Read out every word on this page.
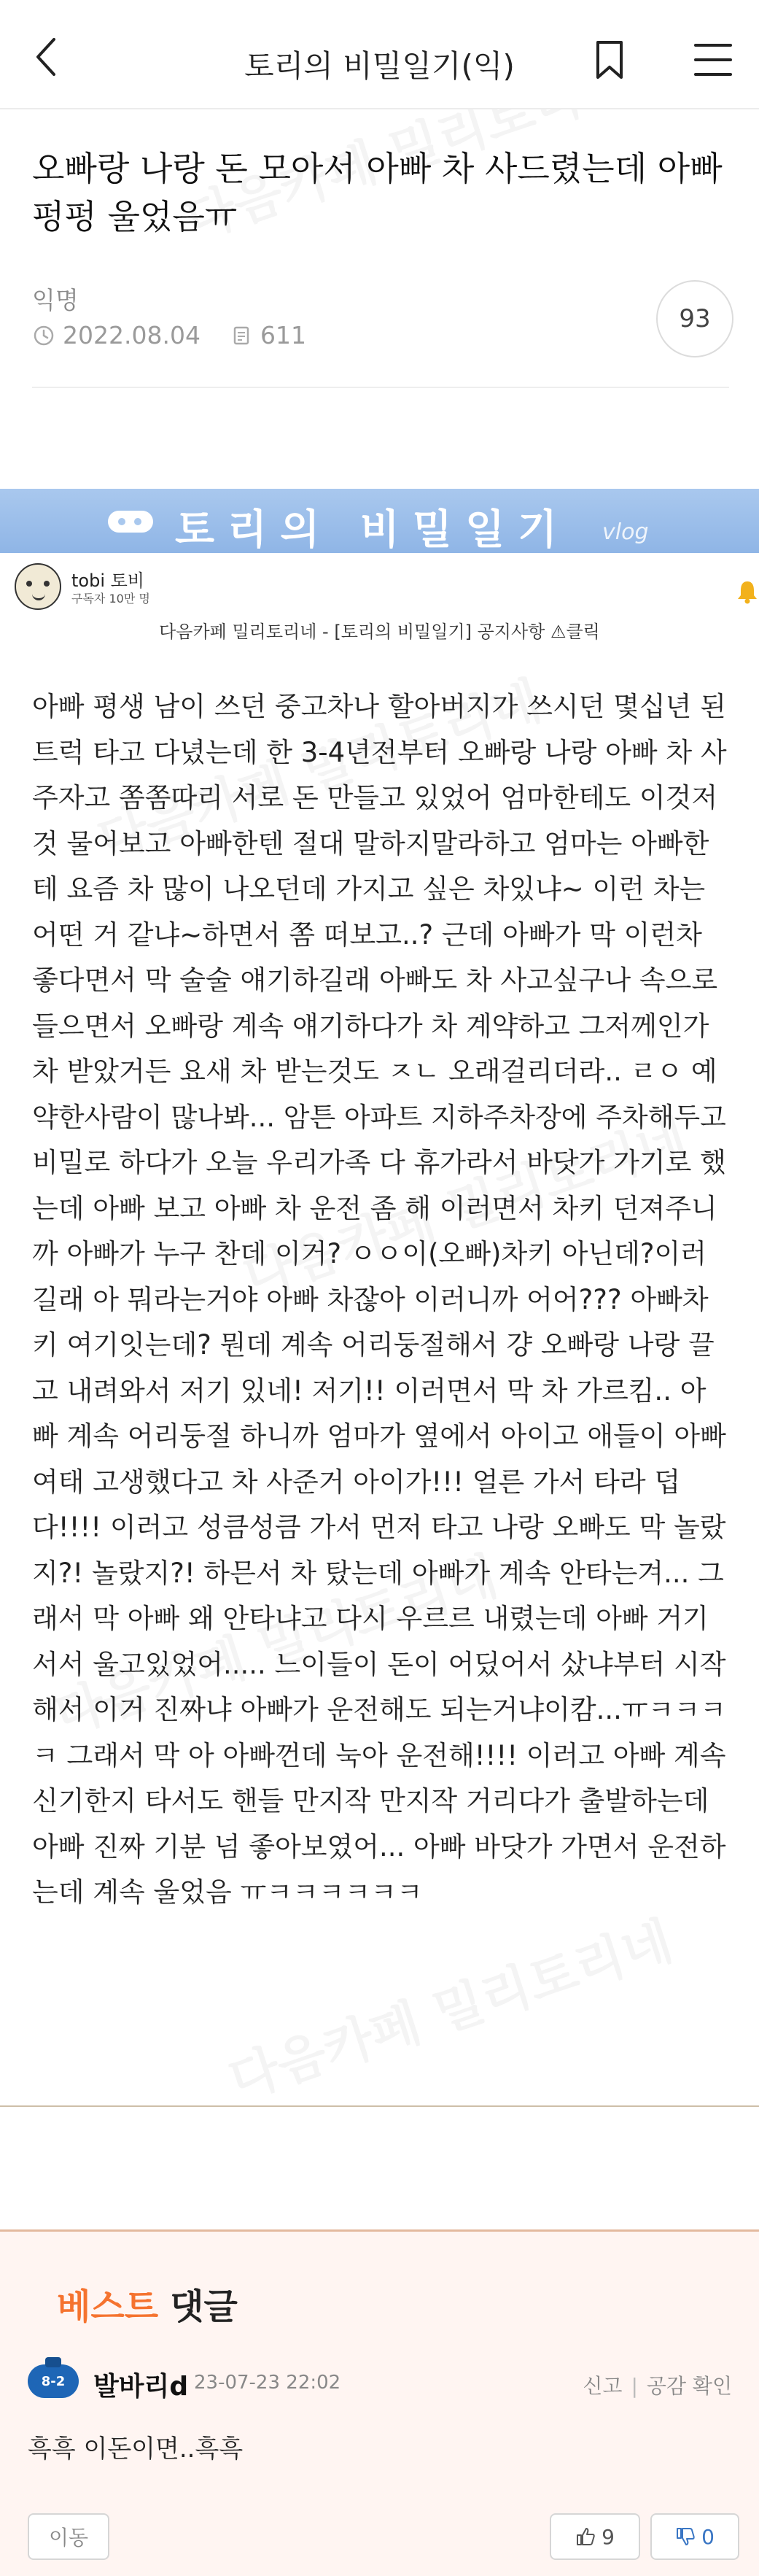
토리의 비밀일기(익)
오빠랑 나랑 돈 모아서 아빠 차 사드렸는데 아빠 펑펑 울었음ㅠ
익명
2022.08.04 611
93
토리의 비밀일기 vlog
tobi 토비
구독자 10만 명
다음카페 밀리토리네 - [토리의 비밀일기] 공지사항 ⚠클릭
아빠 평생 남이 쓰던 중고차나 할아버지가 쓰시던 몇십년 된 트럭 타고 다녔는데 한 3-4년전부터 오빠랑 나랑 아빠 차 사주자고 쫌쫌따리 서로 돈 만들고 있었어 엄마한테도 이것저것 물어보고 아빠한텐 절대 말하지말라하고 엄마는 아빠한테 요즘 차 많이 나오던데 가지고 싶은 차있냐~ 이런 차는 어떤 거 같냐~하면서 쫌 떠보고..? 근데 아빠가 막 이런차 좋다면서 막 술술 얘기하길래 아빠도 차 사고싶구나 속으로 들으면서 오빠랑 계속 얘기하다가 차 계약하고 그저께인가 차 받았거든 요새 차 받는것도 ㅈㄴ 오래걸리더라.. ㄹㅇ 예약한사람이 많나봐... 암튼 아파트 지하주차장에 주차해두고 비밀로 하다가 오늘 우리가족 다 휴가라서 바닷가 가기로 했는데 아빠 보고 아빠 차 운전 좀 해 이러면서 차키 던져주니까 아빠가 누구 찬데 이거? ㅇㅇ이(오빠)차키 아닌데?이러길래 아 뭐라는거야 아빠 차잖아 이러니까 어어??? 아빠차키 여기잇는데? 뭔데 계속 어리둥절해서 걍 오빠랑 나랑 끌고 내려와서 저기 있네! 저기!! 이러면서 막 차 가르킴.. 아빠 계속 어리둥절 하니까 엄마가 옆에서 아이고 애들이 아빠 여태 고생했다고 차 사준거 아이가!!! 얼른 가서 타라 덥다!!!! 이러고 성큼성큼 가서 먼저 타고 나랑 오빠도 막 놀랐지?! 놀랐지?! 하믄서 차 탔는데 아빠가 계속 안타는겨... 그래서 막 아빠 왜 안타냐고 다시 우르르 내렸는데 아빠 거기서서 울고있었어..... 느이들이 돈이 어딨어서 샀냐부터 시작해서 이거 진짜냐 아빠가 운전해도 되는거냐이캄...ㅠㅋㅋㅋㅋ 그래서 막 아 아빠껀데 눅아 운전해!!!! 이러고 아빠 계속 신기한지 타서도 핸들 만지작 만지작 거리다가 출발하는데 아빠 진짜 기분 넘 좋아보였어... 아빠 바닷가 가면서 운전하는데 계속 울었음 ㅠㅋㅋㅋㅋㅋㅋ
베스트 댓글
8-2 발바리d 23-07-23 22:02	신고 | 공감 확인
흑흑 이돈이면..흑흑
이동	9	0
